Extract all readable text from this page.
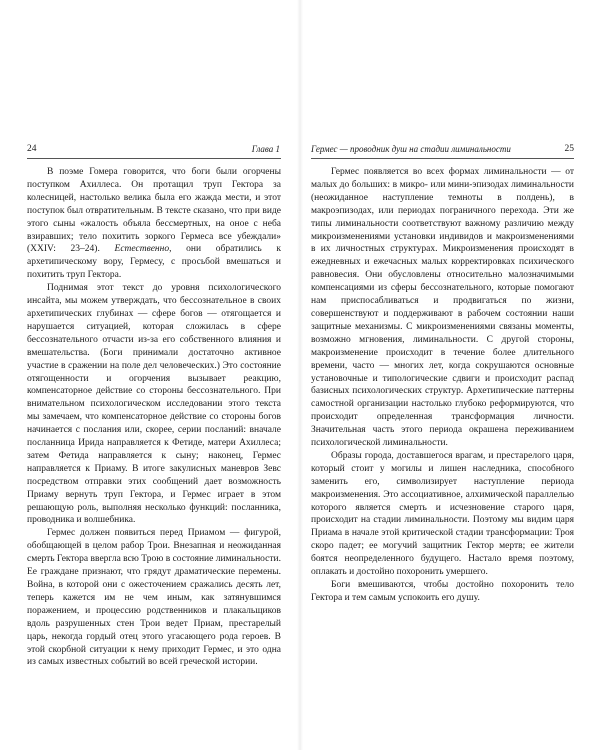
24	Глава 1

В поэме Гомера говорится, что боги были огорчены поступком Ахиллеса. Он протащил труп Гектора за колесницей, настолько велика была его жажда мести, и этот поступок был отвратительным. В тексте сказано, что при виде этого сыны «жалость объяла бессмертных, на оное с неба взиравших; тело похитить зоркого Гермеса все убеждали» (XXIV: 23–24). Естественно, они обратились к архетипическому вору, Гермесу, с просьбой вмешаться и похитить труп Гектора.

Поднимая этот текст до уровня психологического инсайта, мы можем утверждать, что бессознательное в своих архетипических глубинах — сфере богов — отягощается и нарушается ситуацией, которая сложилась в сфере бессознательного отчасти из-за его собственного влияния и вмешательства. (Боги принимали достаточно активное участие в сражении на поле дел человеческих.) Это состояние отягощенности и огорчения вызывает реакцию, компенсаторное действие со стороны бессознательного. При внимательном психологическом исследовании этого текста мы замечаем, что компенсаторное действие со стороны богов начинается с послания или, скорее, серии посланий: вначале посланница Ирида направляется к Фетиде, матери Ахиллеса; затем Фетида направляется к сыну; наконец, Гермес направляется к Приаму. В итоге закулисных маневров Зевс посредством отправки этих сообщений дает возможность Приаму вернуть труп Гектора, и Гермес играет в этом решающую роль, выполняя несколько функций: посланника, проводника и волшебника.

Гермес должен появиться перед Приамом — фигурой, обобщающей в целом рабор Трои. Внезапная и неожиданная смерть Гектора ввергла всю Трою в состояние лиминальности. Ее граждане признают, что грядут драматические перемены. Война, в которой они с ожесточением сражались десять лет, теперь кажется им не чем иным, как затянувшимся поражением, и процессию родственников и плакальщиков вдоль разрушенных стен Трои ведет Приам, престарелый царь, некогда гордый отец этого угасающего рода героев. В этой скорбной ситуации к нему приходит Гермес, и это одна из самых известных событий во всей греческой истории.

Гермес — проводник душ на стадии лиминальности	25

Гермес появляется во всех формах лиминальности — от малых до больших: в микро- или мини-эпизодах лиминальности (неожиданное наступление темноты в полдень), в макроэпизодах, или периодах пограничного перехода. Эти же типы лиминальности соответствуют важному различию между микроизменениями установки индивидов и макроизменениями в их личностных структурах. Микроизменения происходят в ежедневных и ежечасных малых корректировках психического равновесия. Они обусловлены относительно малозначимыми компенсациями из сферы бессознательного, которые помогают нам приспосабливаться и продвигаться по жизни, совершенствуют и поддерживают в рабочем состоянии наши защитные механизмы. С микроизменениями связаны моменты, возможно мгновения, лиминальности. С другой стороны, макроизменение происходит в течение более длительного времени, часто — многих лет, когда сокрушаются основные установочные и типологические сдвиги и происходит распад базисных психологических структур. Архетипические паттерны самостной организации настолько глубоко реформируются, что происходит определенная трансформация личности. Значительная часть этого периода окрашена переживанием психологической лиминальности.

Образы города, доставшегося врагам, и престарелого царя, который стоит у могилы и лишен наследника, способного заменить его, символизирует наступление периода макроизменения. Это ассоциативное, алхимической параллелью которого является смерть и исчезновение старого царя, происходит на стадии лиминальности. Поэтому мы видим царя Приама в начале этой критической стадии трансформации: Троя скоро падет; ее могучий защитник Гектор мертв; ее жители боятся неопределенного будущего. Настало время поэтому, оплакать и достойно похоронить умершего.

Боги вмешиваются, чтобы достойно похоронить тело Гектора и тем самым успокоить его душу.
